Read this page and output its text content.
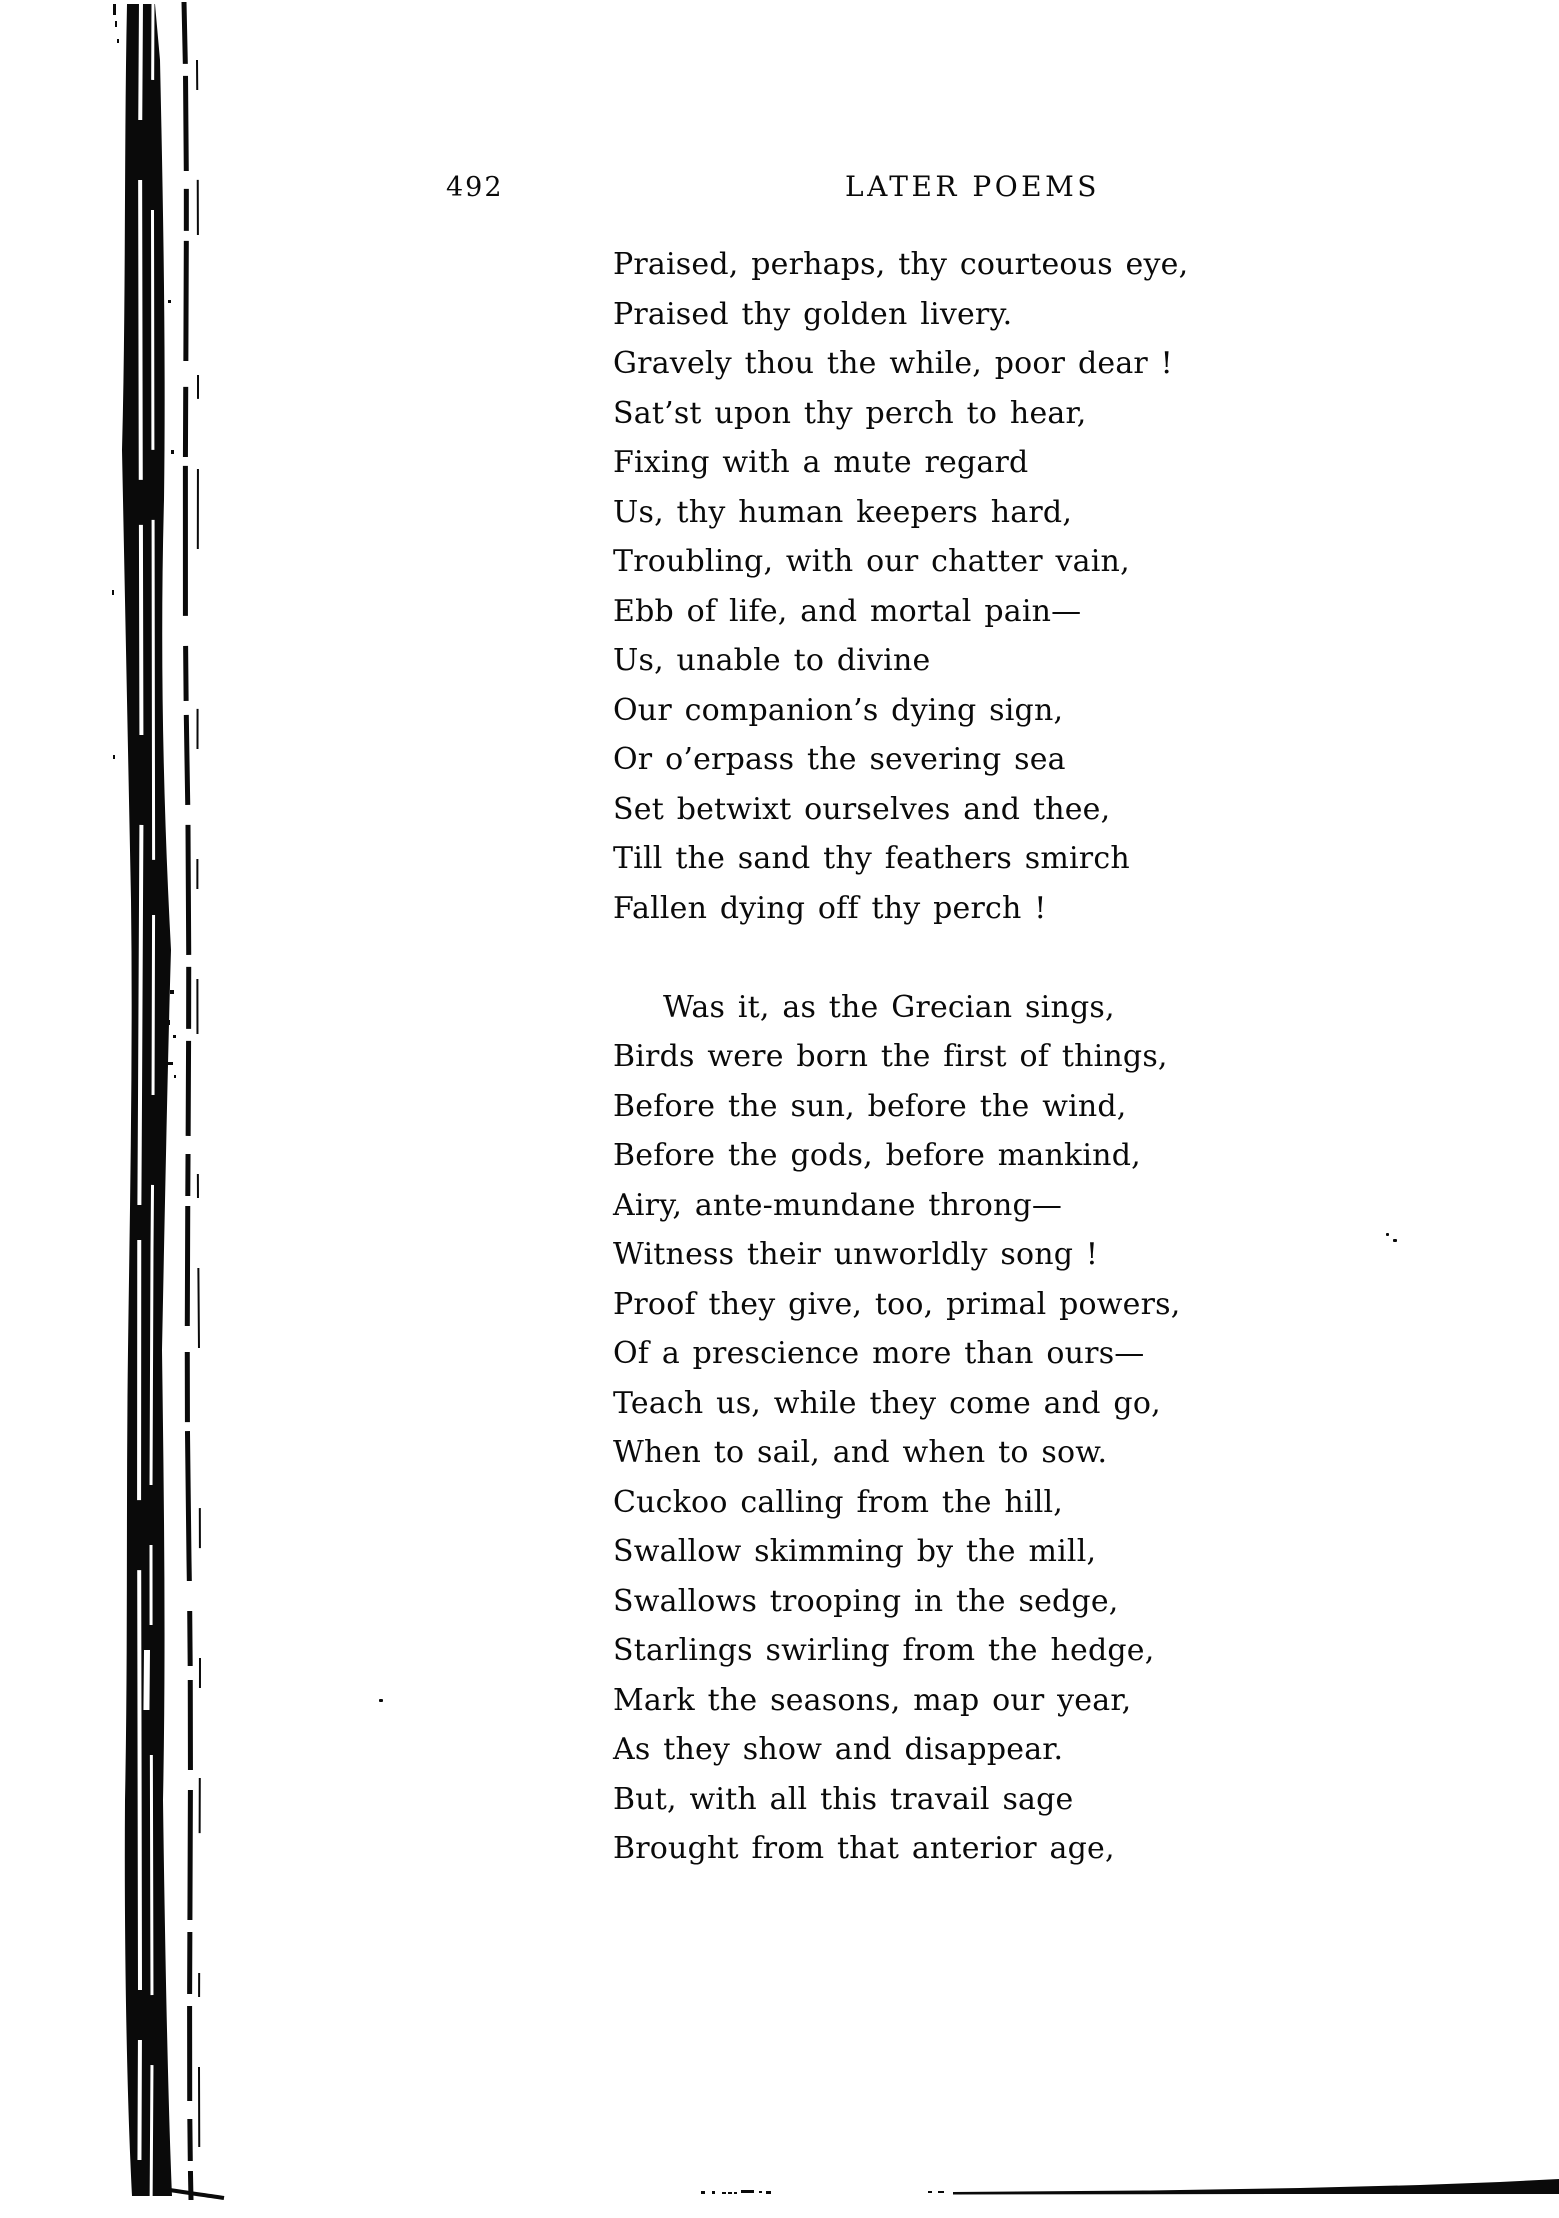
492	LATER POEMS
Praised, perhaps, thy courteous eye,
Praised thy golden livery.
Gravely thou the while, poor dear !
Sat’st upon thy perch to hear,
Fixing with a mute regard
Us, thy human keepers hard,
Troubling, with our chatter vain,
Ebb of life, and mortal pain—
Us, unable to divine
Our companion’s dying sign,
Or o’erpass the severing sea
Set betwixt ourselves and thee,
Till the sand thy feathers smirch
Fallen dying off thy perch !
Was it, as the Grecian sings,
Birds were born the first of things,
Before the sun, before the wind,
Before the gods, before mankind,
Airy, ante-mundane throng—
Witness their unworldly song !
Proof they give, too, primal powers,
Of a prescience more than ours—
Teach us, while they come and go,
When to sail, and when to sow.
Cuckoo calling from the hill,
Swallow skimming by the mill,
Swallows trooping in the sedge,
Starlings swirling from the hedge,
Mark the seasons, map our year,
As they show and disappear.
But, with all this travail sage
Brought from that anterior age,
